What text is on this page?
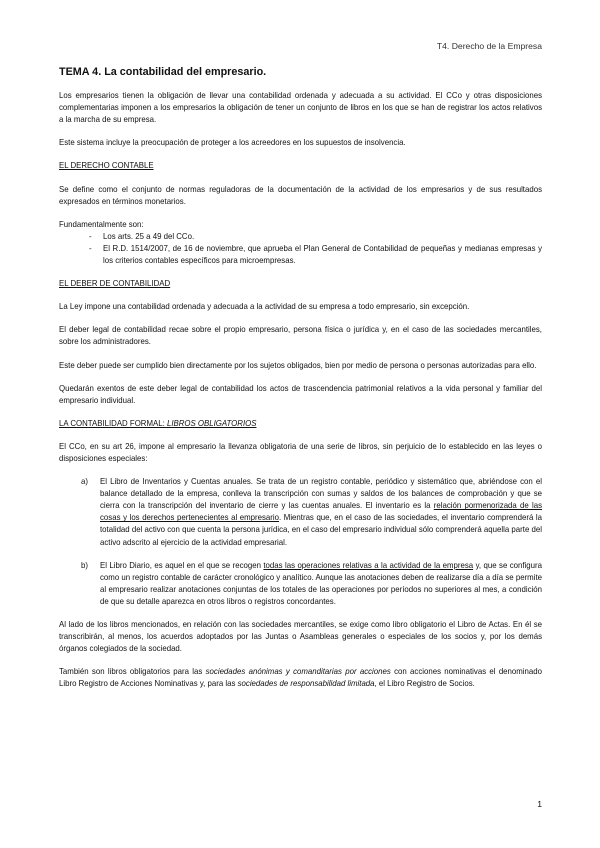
T4. Derecho de la Empresa
TEMA 4. La contabilidad del empresario.

Los empresarios tienen la obligación de llevar una contabilidad ordenada y adecuada a su actividad. El CCo y otras disposiciones complementarias imponen a los empresarios la obligación de tener un conjunto de libros en los que se han de registrar los actos relativos a la marcha de su empresa.

Este sistema incluye la preocupación de proteger a los acreedores en los supuestos de insolvencia.

EL DERECHO CONTABLE

Se define como el conjunto de normas reguladoras de la documentación de la actividad de los empresarios y de sus resultados expresados en términos monetarios.

Fundamentalmente son:
- Los arts. 25 a 49 del CCo.
- El R.D. 1514/2007, de 16 de noviembre, que aprueba el Plan General de Contabilidad de pequeñas y medianas empresas y los criterios contables específicos para microempresas.
EL DEBER DE CONTABILIDAD

La Ley impone una contabilidad ordenada y adecuada a la actividad de su empresa a todo empresario, sin excepción.

El deber legal de contabilidad recae sobre el propio empresario, persona física o jurídica y, en el caso de las sociedades mercantiles, sobre los administradores.

Este deber puede ser cumplido bien directamente por los sujetos obligados, bien por medio de persona o personas autorizadas para ello.

Quedarán exentos de este deber legal de contabilidad los actos de trascendencia patrimonial relativos a la vida personal y familiar del empresario individual.

LA CONTABILIDAD FORMAL: LIBROS OBLIGATORIOS

El CCo, en su art 26, impone al empresario la llevanza obligatoria de una serie de libros, sin perjuicio de lo establecido en las leyes o disposiciones especiales:

a) El Libro de Inventarios y Cuentas anuales. Se trata de un registro contable, periódico y sistemático que, abriéndose con el balance detallado de la empresa, conlleva la transcripción con sumas y saldos de los balances de comprobación y que se cierra con la transcripción del inventario de cierre y las cuentas anuales. El inventario es la relación pormenorizada de las cosas y los derechos pertenecientes al empresario. Mientras que, en el caso de las sociedades, el inventario comprenderá la totalidad del activo con que cuenta la persona jurídica, en el caso del empresario individual sólo comprenderá aquella parte del activo adscrito al ejercicio de la actividad empresarial.
b) El Libro Diario, es aquel en el que se recogen todas las operaciones relativas a la actividad de la empresa y, que se configura como un registro contable de carácter cronológico y analítico. Aunque las anotaciones deben de realizarse día a día se permite al empresario realizar anotaciones conjuntas de los totales de las operaciones por períodos no superiores al mes, a condición de que su detalle aparezca en otros libros o registros concordantes.

Al lado de los libros mencionados, en relación con las sociedades mercantiles, se exige como libro obligatorio el Libro de Actas. En él se transcribirán, al menos, los acuerdos adoptados por las Juntas o Asambleas generales o especiales de los socios y, por los demás órganos colegiados de la sociedad.

También son libros obligatorios para las sociedades anónimas y comanditarias por acciones con acciones nominativas el denominado Libro Registro de Acciones Nominativas y, para las sociedades de responsabilidad limitada, el Libro Registro de Socios.

1
